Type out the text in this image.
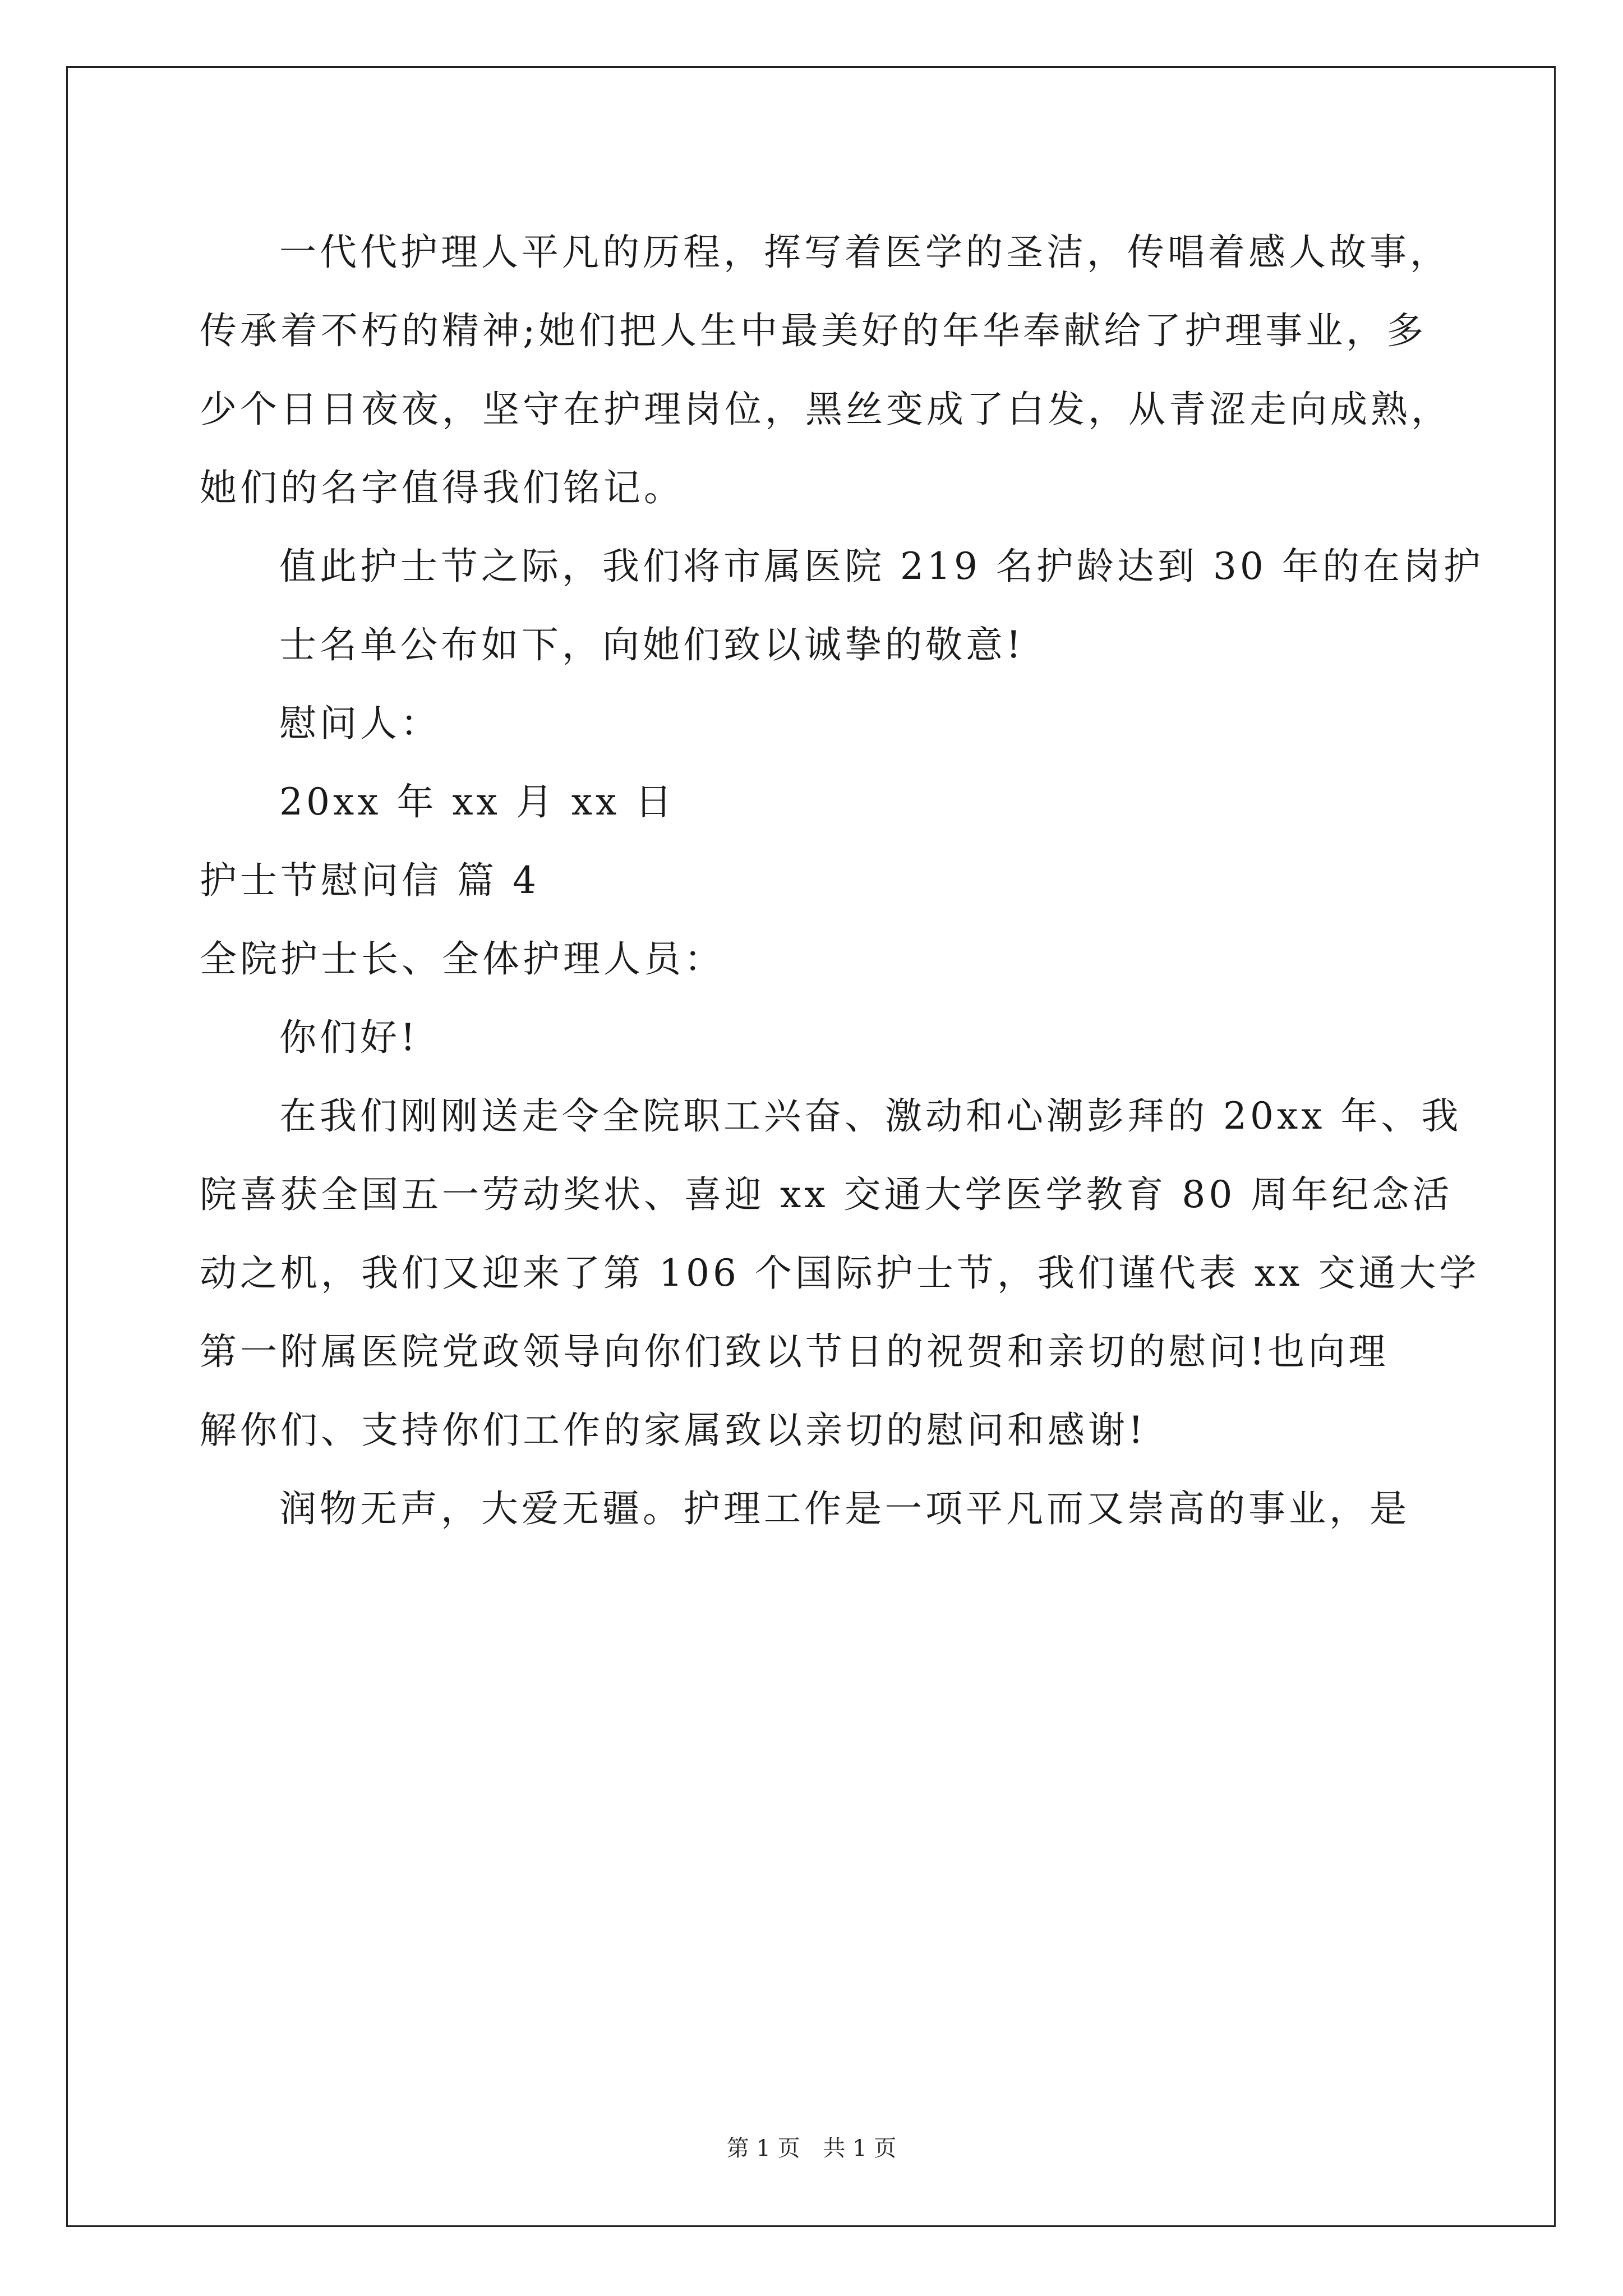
一代代护理人平凡的历程，挥写着医学的圣洁，传唱着感人故事，
传承着不朽的精神;她们把人生中最美好的年华奉献给了护理事业，多
少个日日夜夜，坚守在护理岗位，黑丝变成了白发，从青涩走向成熟，
她们的名字值得我们铭记。
值此护士节之际，我们将市属医院 219 名护龄达到 30 年的在岗护
士名单公布如下，向她们致以诚挚的敬意!
慰问人：
20xx 年 xx 月 xx 日
护士节慰问信 篇 4
全院护士长、全体护理人员：
你们好!
在我们刚刚送走令全院职工兴奋、激动和心潮彭拜的 20xx 年、我
院喜获全国五一劳动奖状、喜迎 xx 交通大学医学教育 80 周年纪念活
动之机，我们又迎来了第 106 个国际护士节，我们谨代表 xx 交通大学
第一附属医院党政领导向你们致以节日的祝贺和亲切的慰问!也向理
解你们、支持你们工作的家属致以亲切的慰问和感谢!
润物无声，大爱无疆。护理工作是一项平凡而又崇高的事业，是
第 1 页 共 1 页
